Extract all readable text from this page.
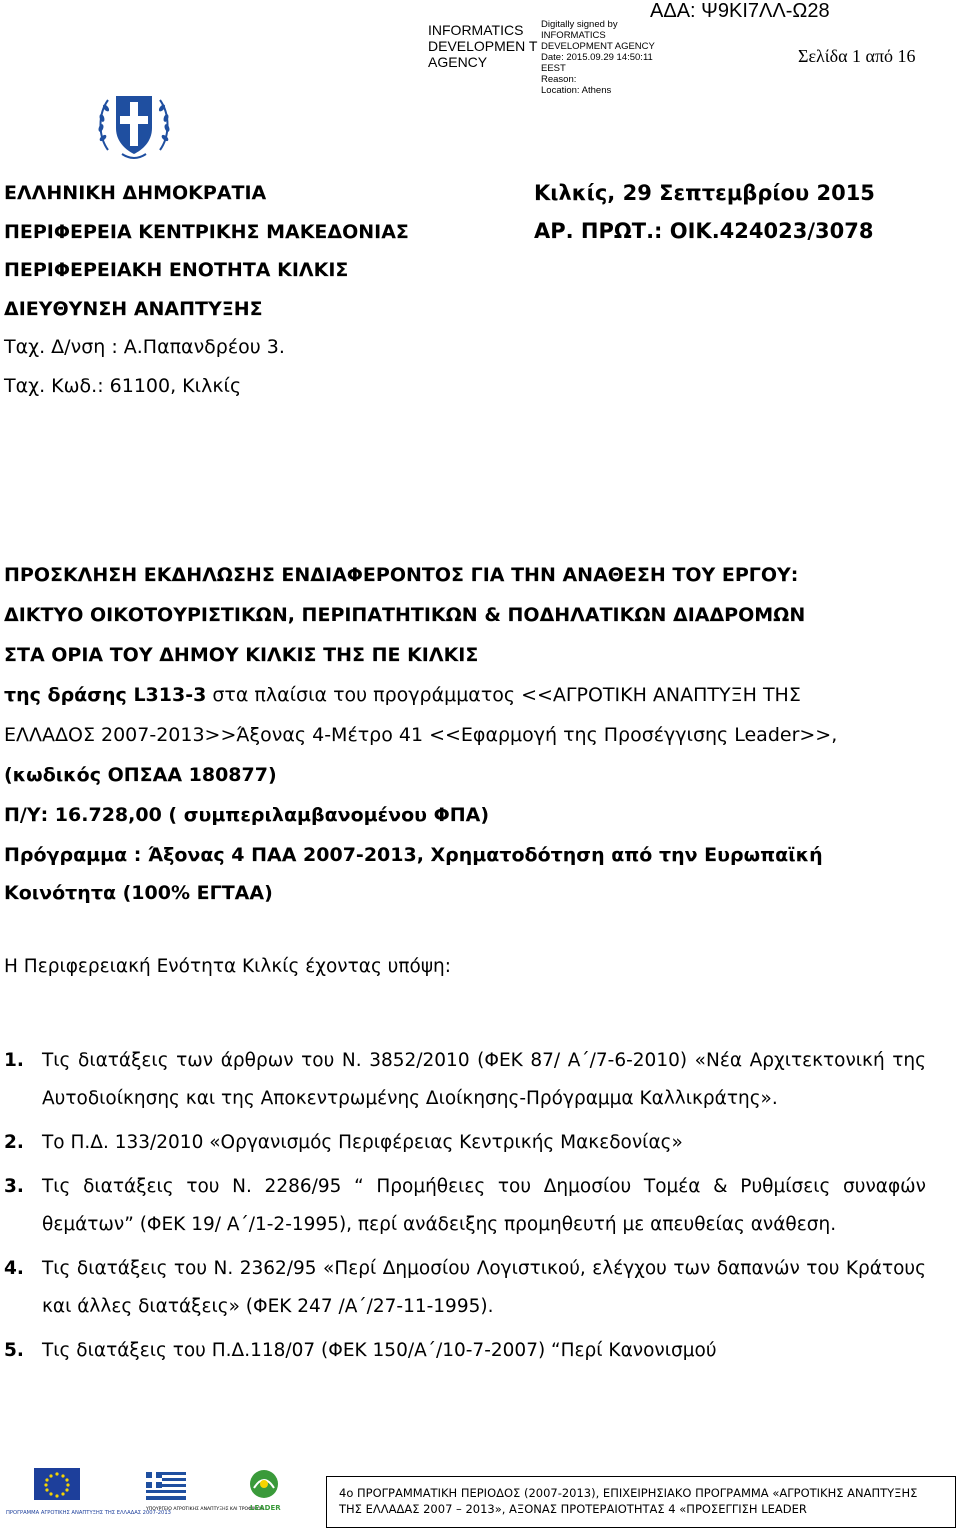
INFORMATICS DEVELOPMEN T AGENCY
Digitally signed by
INFORMATICS
DEVELOPMENT AGENCY
Date: 2015.09.29 14:50:11
EEST
Reason:
Location: Athens
ΑΔΑ: Ψ9ΚΙ7ΛΛ-Ω28
Σελίδα 1 από 16
ΕΛΛΗΝΙΚΗ ΔΗΜΟΚΡΑΤΙΑ
ΠΕΡΙΦΕΡΕΙΑ ΚΕΝΤΡΙΚΗΣ ΜΑΚΕΔΟΝΙΑΣ
ΠΕΡΙΦΕΡΕΙΑΚΗ ΕΝΟΤΗΤΑ ΚΙΛΚΙΣ
ΔΙΕΥΘΥΝΣΗ ΑΝΑΠΤΥΞΗΣ
Ταχ. Δ/νση : Α.Παπανδρέου 3.
Ταχ. Κωδ.: 61100, Κιλκίς
Κιλκίς, 29 Σεπτεμβρίου 2015
ΑΡ. ΠΡΩΤ.: ΟΙΚ.424023/3078
ΠΡΟΣΚΛΗΣΗ ΕΚΔΗΛΩΣΗΣ ΕΝΔΙΑΦΕΡΟΝΤΟΣ ΓΙΑ ΤΗΝ ΑΝΑΘΕΣΗ ΤΟΥ ΕΡΓΟΥ:
ΔΙΚΤΥΟ ΟΙΚΟΤΟΥΡΙΣΤΙΚΩΝ, ΠΕΡΙΠΑΤΗΤΙΚΩΝ & ΠΟΔΗΛΑΤΙΚΩΝ ΔΙΑΔΡΟΜΩΝ
ΣΤΑ ΟΡΙΑ ΤΟΥ ΔΗΜΟΥ ΚΙΛΚΙΣ ΤΗΣ ΠΕ ΚΙΛΚΙΣ
της δράσης L313-3 στα πλαίσια του προγράμματος <<ΑΓΡΟΤΙΚΗ ΑΝΑΠΤΥΞΗ ΤΗΣ
ΕΛΛΑΔΟΣ 2007-2013>>Άξονας 4-Μέτρο 41 <<Εφαρμογή της Προσέγγισης Leader>>,
(κωδικός ΟΠΣΑΑ 180877)
Π/Υ: 16.728,00 ( συμπεριλαμβανομένου ΦΠΑ)
Πρόγραμμα : Άξονας 4 ΠΑΑ 2007-2013, Χρηματοδότηση από την Ευρωπαϊκή
Κοινότητα (100% ΕΓΤΑΑ)
Η Περιφερειακή Ενότητα Κιλκίς έχοντας υπόψη:
1. Τις διατάξεις των άρθρων του Ν. 3852/2010 (ΦΕΚ 87/ Α΄/7-6-2010) «Νέα Αρχιτεκτονική της Αυτοδιοίκησης και της Αποκεντρωμένης Διοίκησης-Πρόγραμμα Καλλικράτης».
2. Το Π.Δ. 133/2010 «Οργανισμός Περιφέρειας Κεντρικής Μακεδονίας»
3. Τις διατάξεις του Ν. 2286/95 “ Προμήθειες του Δημοσίου Τομέα & Ρυθμίσεις συναφών θεμάτων” (ΦΕΚ 19/ Α΄/1-2-1995), περί ανάδειξης προμηθευτή με απευθείας ανάθεση.
4. Τις διατάξεις του Ν. 2362/95 «Περί Δημοσίου Λογιστικού, ελέγχου των δαπανών του Κράτους και άλλες διατάξεις» (ΦΕΚ 247 /Α΄/27-11-1995).
5. Τις διατάξεις του Π.Δ.118/07 (ΦΕΚ 150/Α΄/10-7-2007) “Περί Κανονισμού
ΠΡΟΓΡΑΜΜΑ ΑΓΡΟΤΙΚΗΣ ΑΝΑΠΤΥΞΗΣ ΤΗΣ ΕΛΛΑΔΑΣ 2007-2013
ΥΠΟΥΡΓΕΙΟ ΑΓΡΟΤΙΚΗΣ ΑΝΑΠΤΥΞΗΣ ΚΑΙ ΤΡΟΦΙΜΩΝ
LEADER
4ο ΠΡΟΓΡΑΜΜΑΤΙΚΗ ΠΕΡΙΟΔΟΣ (2007-2013), ΕΠΙΧΕΙΡΗΣΙΑΚΟ ΠΡΟΓΡΑΜΜΑ «ΑΓΡΟΤΙΚΗΣ ΑΝΑΠΤΥΞΗΣ
ΤΗΣ ΕΛΛΑΔΑΣ 2007 – 2013», ΑΞΟΝΑΣ ΠΡΟΤΕΡΑΙΟΤΗΤΑΣ 4 «ΠΡΟΣΕΓΓΙΣΗ LEADER
